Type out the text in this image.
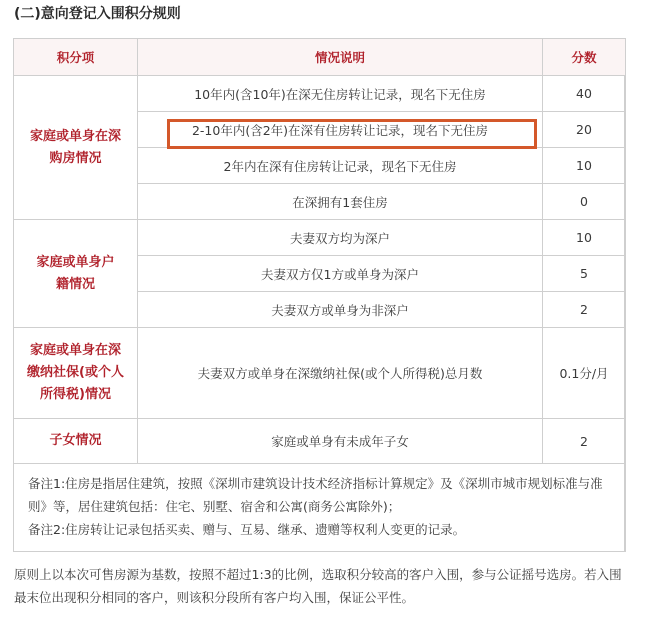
(二)意向登记入围积分规则
积分项	情况说明	分数
家庭或单身在深购房情况	10年内(含10年)在深无住房转让记录，现名下无住房	40
	2-10年内(含2年)在深有住房转让记录，现名下无住房	20
	2年内在深有住房转让记录，现名下无住房	10
	在深拥有1套住房	0
家庭或单身户籍情况	夫妻双方均为深户	10
	夫妻双方仅1方或单身为深户	5
	夫妻双方或单身为非深户	2
家庭或单身在深缴纳社保(或个人所得税)情况	夫妻双方或单身在深缴纳社保(或个人所得税)总月数	0.1分/月
子女情况	家庭或单身有未成年子女	2

备注1:住房是指居住建筑，按照《深圳市建筑设计技术经济指标计算规定》及《深圳市城市规划标准与准则》等，居住建筑包括：住宅、别墅、宿舍和公寓(商务公寓除外)；

备注2:住房转让记录包括买卖、赠与、互易、继承、遗赠等权利人变更的记录。		

原则上以本次可售房源为基数，按照不超过1:3的比例，选取积分较高的客户入围，参与公证摇号选房。若入围最末位出现积分相同的客户，则该积分段所有客户均入围，保证公平性。
